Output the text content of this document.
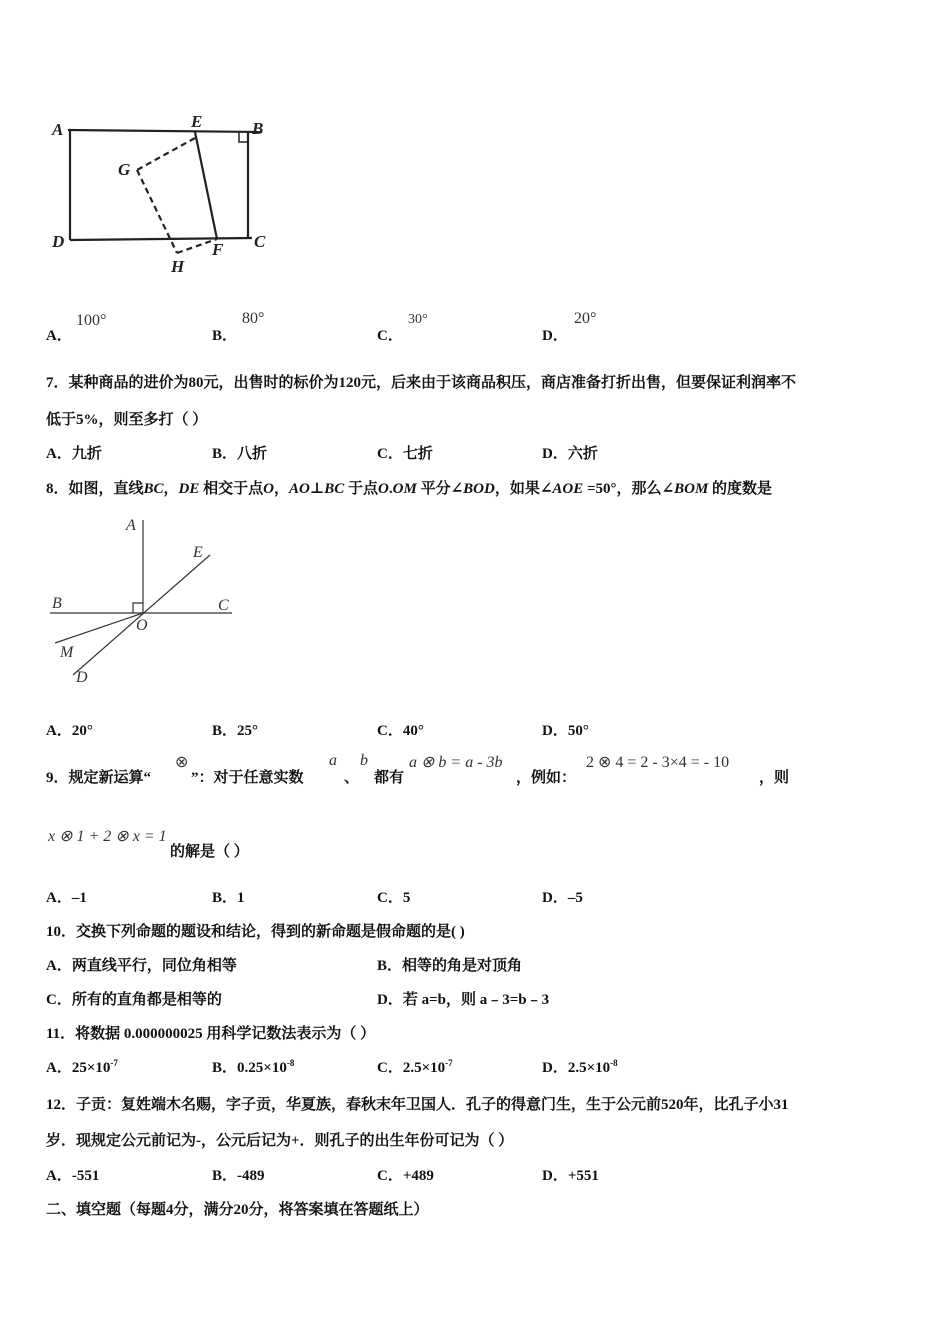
A	E	B
G
D	F C
H
A．
100°
B．
80°
C．
30°
D．
20°
7．某种商品的进价为80元，出售时的标价为120元，后来由于该商品积压，商店准备打折出售，但要保证利润率不
低于5%，则至多打（ ）
A．九折	B．八折	C．七折	D．六折
8．如图，直线BC，DE 相交于点O，AO⊥BC 于点O.OM 平分∠BOD，如果∠AOE =50°，那么∠BOM 的度数是
A
E
B	C
O
M
D
A．20°	B．25°	C．40°	D．50°
9．规定新运算“
⊗
”：对于任意实数
a
、
b
都有
a ⊗ b = a - 3b
，例如：
2 ⊗ 4 = 2 - 3×4 = - 10
，则
x ⊗ 1 + 2 ⊗ x = 1
的解是（ ）
A．–1	B．1	C．5	D．–5
10．交换下列命题的题设和结论，得到的新命题是假命题的是( )
A．两直线平行，同位角相等	B．相等的角是对顶角
C．所有的直角都是相等的	D．若 a=b，则 a﹣3=b﹣3
11．将数据 0.000000025 用科学记数法表示为（ ）
A．$25\times 10^{-7}$	B．$0.25\times 10^{-8}$	C．$2.5\times 10^{-7}$	D．$2.5\times 10^{-8}$
12．子贡：复姓端木名赐，字子贡，华夏族，春秋末年卫国人．孔子的得意门生，生于公元前520年，比孔子小31
岁．现规定公元前记为-，公元后记为+．则孔子的出生年份可记为（ ）
A．-551	B．-489	C．+489	D．+551
二、填空题（每题4分，满分20分，将答案填在答题纸上）
